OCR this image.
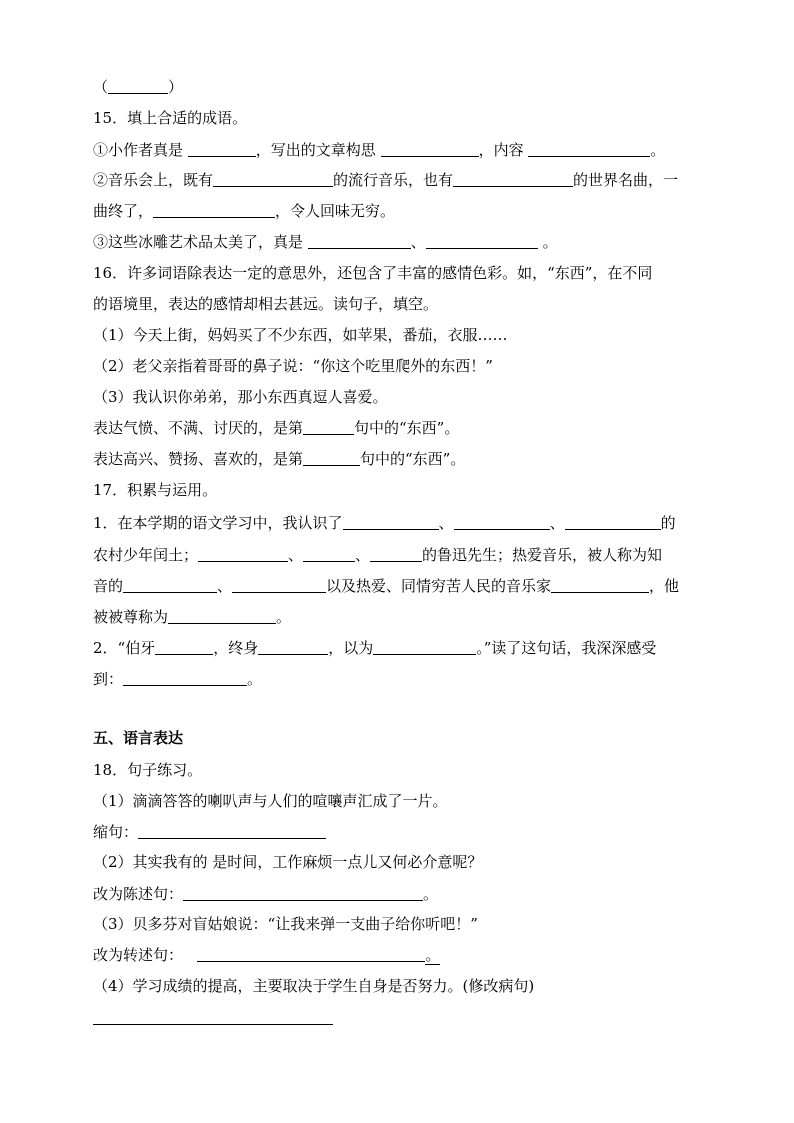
（	）
15．填上合适的成语。
①小作者真是	，写出的文章构思	，内容	。
②音乐会上，既有	的流行音乐，也有	的世界名曲，一
曲终了，	，令人回味无穷。
③这些冰雕艺术品太美了，真是	、	。
16．许多词语除表达一定的意思外，还包含了丰富的感情色彩。如，“东西”，在不同
的语境里，表达的感情却相去甚远。读句子，填空。
（1）今天上街，妈妈买了不少东西，如苹果，番茄，衣服……
（2）老父亲指着哥哥的鼻子说：“你这个吃里爬外的东西！”
（3）我认识你弟弟，那小东西真逗人喜爱。
表达气愤、不满、讨厌的，是第	句中的“东西”。
表达高兴、赞扬、喜欢的，是第	句中的“东西”。
17．积累与运用。
1．在本学期的语文学习中，我认识了	、	、	的
农村少年闰土；	、	、	的鲁迅先生；热爱音乐，被人称为知
音的	、	以及热爱、同情穷苦人民的音乐家	，他
被被尊称为	。
2．“伯牙	，终身	，以为	。”读了这句话，我深深感受
到：	。
五、语言表达
18．句子练习。
（1）滴滴答答的喇叭声与人们的喧嚷声汇成了一片。
缩句：
（2）其实我有的 是时间，工作麻烦一点儿又何必介意呢？
改为陈述句：	。
（3）贝多芬对盲姑娘说：“让我来弹一支曲子给你听吧！”
改为转述句：	。
（4）学习成绩的提高，主要取决于学生自身是否努力。(修改病句)
